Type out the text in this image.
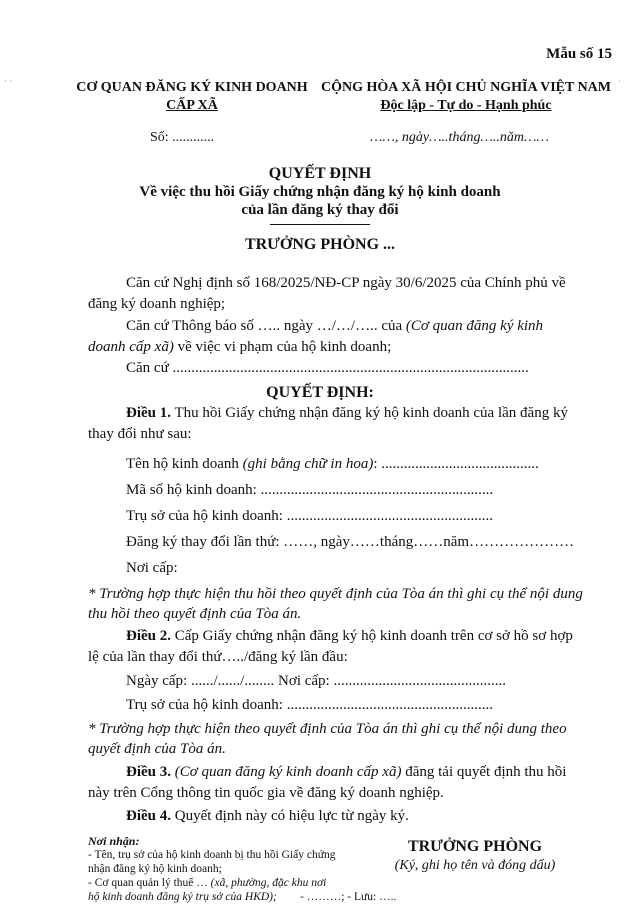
· ·	·
Mẫu số 15
CƠ QUAN ĐĂNG KÝ KINH DOANH
CẤP XÃ
CỘNG HÒA XÃ HỘI CHỦ NGHĨA VIỆT NAM
Độc lập - Tự do - Hạnh phúc
Số: ............	……, ngày…..tháng…..năm……
QUYẾT ĐỊNH
Về việc thu hồi Giấy chứng nhận đăng ký hộ kinh doanh
của lần đăng ký thay đổi
TRƯỞNG PHÒNG ...
Căn cứ Nghị định số 168/2025/NĐ-CP ngày 30/6/2025 của Chính phủ về
đăng ký doanh nghiệp;
Căn cứ Thông báo số ….. ngày …/…/….. của (Cơ quan đăng ký kinh
doanh cấp xã) về việc vi phạm của hộ kinh doanh;
Căn cứ ...............................................................................................
QUYẾT ĐỊNH:
Điều 1. Thu hồi Giấy chứng nhận đăng ký hộ kinh doanh của lần đăng ký
thay đổi như sau:
Tên hộ kinh doanh (ghi bằng chữ in hoa): ..........................................
Mã số hộ kinh doanh: ..............................................................
Trụ sở của hộ kinh doanh: .......................................................
Đăng ký thay đổi lần thứ: ……, ngày……tháng……năm…………………
Nơi cấp:
* Trường hợp thực hiện thu hồi theo quyết định của Tòa án thì ghi cụ thể nội dung
thu hồi theo quyết định của Tòa án.
Điều 2. Cấp Giấy chứng nhận đăng ký hộ kinh doanh trên cơ sở hồ sơ hợp
lệ của lần thay đổi thứ…../đăng ký lần đầu:
Ngày cấp: ....../....../........ Nơi cấp: ..............................................
Trụ sở của hộ kinh doanh: .......................................................
* Trường hợp thực hiện theo quyết định của Tòa án thì ghi cụ thể nội dung theo
quyết định của Tòa án.
Điều 3. (Cơ quan đăng ký kinh doanh cấp xã) đăng tải quyết định thu hồi
này trên Cổng thông tin quốc gia về đăng ký doanh nghiệp.
Điều 4. Quyết định này có hiệu lực từ ngày ký.
Nơi nhận:
- Tên, trụ sở của hộ kinh doanh bị thu hồi Giấy chứng
nhận đăng ký hộ kinh doanh;
- Cơ quan quản lý thuế … (xã, phường, đặc khu nơi
hộ kinh doanh đăng ký trụ sở của HKD);
TRƯỞNG PHÒNG
(Ký, ghi họ tên và đóng dấu)
- ………; - Lưu: …..
